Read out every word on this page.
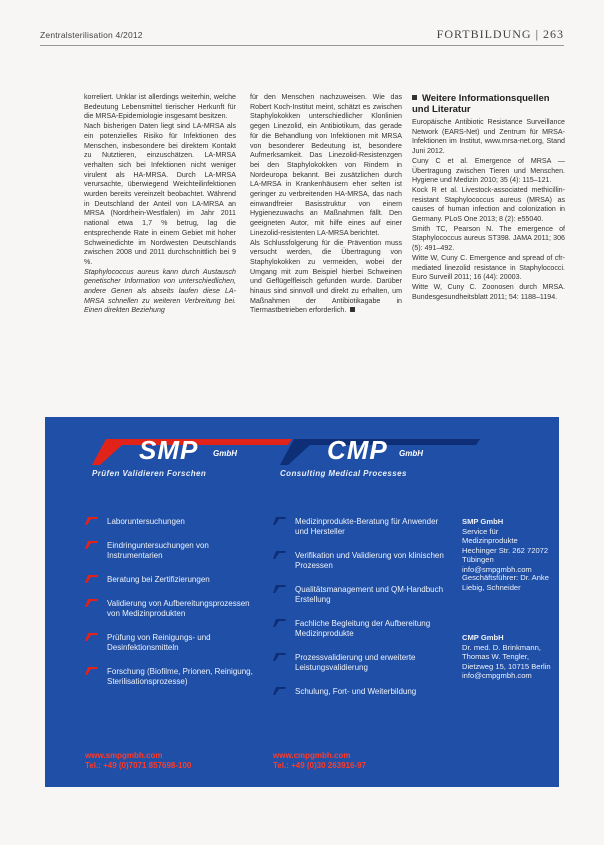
Zentralsterilisation 4/2012	FORTBILDUNG | 263

korreliert. Unklar ist allerdings weiterhin, welche Bedeutung Lebensmittel tierischer Herkunft für die MRSA-Epidemiologie insgesamt besitzen.

Nach bisherigen Daten liegt sind LA-MRSA als ein potenzielles Risiko für Infektionen des Menschen, insbesondere bei direktem Kontakt zu Nutztieren, einzuschätzen. LA-MRSA verhalten sich bei Infektionen nicht weniger virulent als HA-MRSA. Durch LA-MRSA verursachte, überwiegend Weichteilinfektionen wurden bereits vereinzelt beobachtet. Während in Deutschland der Anteil von LA-MRSA an MRSA (Nordrhein-Westfalen) im Jahr 2011 national etwa 1,7 % betrug, lag die entsprechende Rate in einem Gebiet mit hoher Schweinedichte im Nordwesten Deutschlands zwischen 2008 und 2011 durchschnittlich bei 9 %.

Staphylococcus aureus kann durch Austausch genetischer Information von unterschiedlichen, andere Genen als abseits laufen diese LA-MRSA schnellen zu weiteren Verbreitung bei. Einen direkten Beziehung

für den Menschen nachzuweisen. Wie das Robert Koch-Institut meint, schätzt es zwischen Staphylokokken unterschiedlicher Klonlinien gegen Linezolid, ein Antibiotikum, das gerade für die Behandlung von Infektionen mit MRSA von besonderer Bedeutung ist, besondere Aufmerksamkeit. Das Linezolid-Resistenzgen bei den Staphylokokken von Rindern in Nordeuropa bekannt. Bei zusätzlichen durch LA-MRSA in Krankenhäusern eher selten ist geringer zu verbreitenden HA-MRSA, das nach einwandfreier Basisstruktur von einem Hygienezuwachs an Maßnahmen fällt. Den geeigneten Autor, mit hilfe eines auf einer Linezolid-resistenten LA-MRSA berichtet.

Als Schlussfolgerung für die Prävention muss versucht werden, die Übertragung von Staphylokokken zu vermeiden, wobei der Umgang mit zum Beispiel hierbei Schweinen und Geflügelfleisch gefunden wurde. Darüber hinaus sind sinnvoll und direkt zu erhalten, um Maßnahmen der Antibiotikagabe in Tiermastbetrieben erforderlich.

Weitere Informationsquellen und Literatur

Europäische Antibiotic Resistance Surveillance Network (EARS-Net) und Zentrum für MRSA-Infektionen im Institut, www.mrsa-net.org, Stand Juni 2012.

Cuny C et al. Emergence of MRSA — Übertragung zwischen Tieren und Menschen. Hygiene und Medizin 2010; 35 (4): 115–121.

Kock R et al. Livestock-associated methicillin-resistant Staphylococcus aureus (MRSA) as causes of human infection and colonization in Germany. PLoS One 2013; 8 (2): e55040.

Smith TC, Pearson N. The emergence of Staphylococcus aureus ST398. JAMA 2011; 306 (5): 491–492.

Witte W, Cuny C. Emergence and spread of cfr-mediated linezolid resistance in Staphylococci. Euro Surveill 2011; 16 (44): 20003.

Witte W, Cuny C. Zoonosen durch MRSA. Bundesgesundheitsblatt 2011; 54: 1188–1194.

SMP GmbH
Prüfen Validieren Forschen
CMP GmbH
Consulting Medical Processes
Laboruntersuchungen
Eindringuntersuchungen von Instrumentarien
Beratung bei Zertifizierungen
Validierung von Aufbereitungsprozessen von Medizinprodukten
Prüfung von Reinigungs- und Desinfektionsmitteln
Forschung (Biofilme, Prionen, Reinigung, Sterilisationsprozesse)
Medizinprodukte-Beratung für Anwender und Hersteller
Verifikation und Validierung von klinischen Prozessen
Qualitätsmanagement und QM-Handbuch Erstellung
Fachliche Begleitung der Aufbereitung Medizinprodukte
Prozessvalidierung und erweiterte Leistungsvalidierung
Schulung, Fort- und Weiterbildung
SMP GmbH
Service für Medizinprodukte
Hechinger Str. 262 72072 Tübingen info@smpgmbh.com
Geschäftsführer: Dr. Anke Liebig, Schneider
CMP GmbH
Dr. med. D. Brinkmann, Thomas W. Tengler, Dietzweg 15, 10715 Berlin info@cmpgmbh.com
www.smpgmbh.com
Tel.: +49 (0)7071 857698-100
www.cmpgmbh.com
Tel.: +49 (0)30 263916-97
